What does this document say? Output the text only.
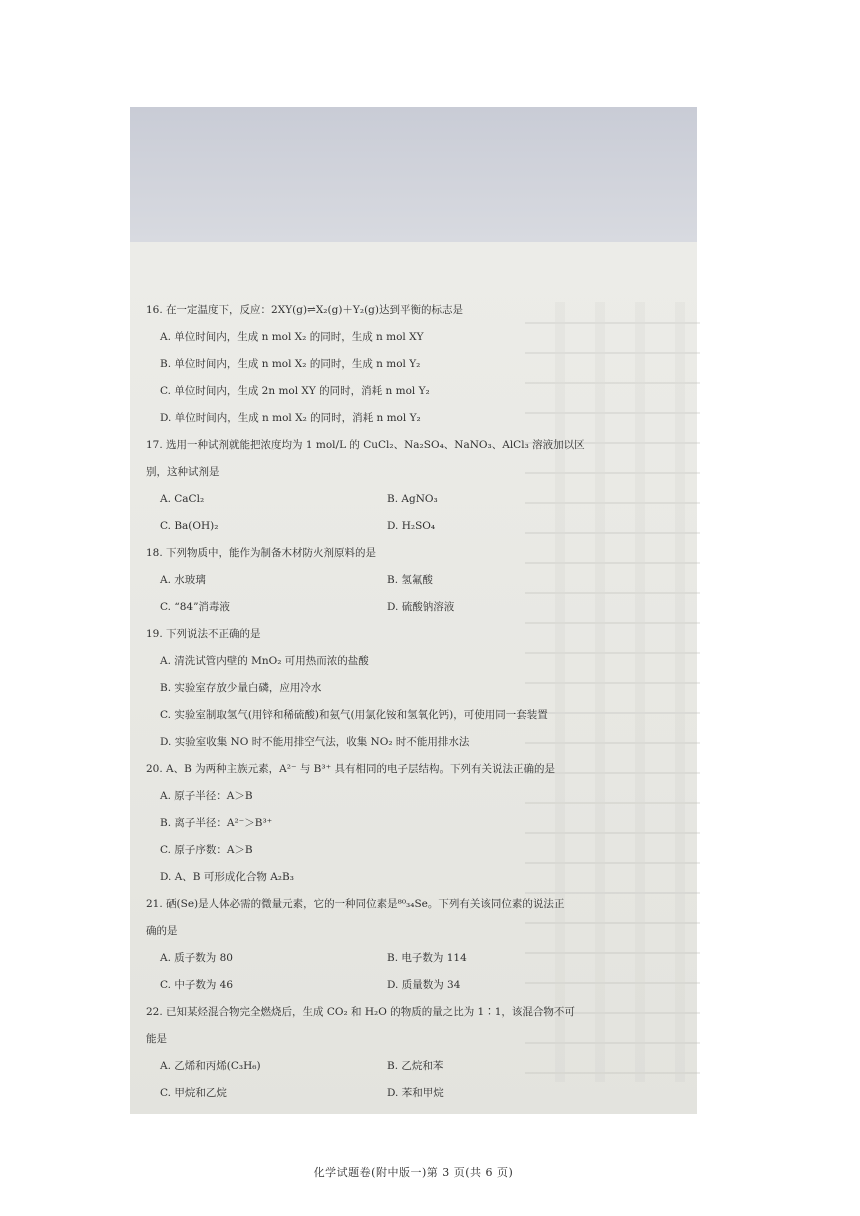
16. 在一定温度下，反应：2XY(g)⇌X₂(g)＋Y₂(g)达到平衡的标志是
A. 单位时间内，生成 n mol X₂ 的同时，生成 n mol XY
B. 单位时间内，生成 n mol X₂ 的同时，生成 n mol Y₂
C. 单位时间内，生成 2n mol XY 的同时，消耗 n mol Y₂
D. 单位时间内，生成 n mol X₂ 的同时，消耗 n mol Y₂
17. 选用一种试剂就能把浓度均为 1 mol/L 的 CuCl₂、Na₂SO₄、NaNO₃、AlCl₃ 溶液加以区
别，这种试剂是
A. CaCl₂	B. AgNO₃
C. Ba(OH)₂	D. H₂SO₄
18. 下列物质中，能作为制备木材防火剂原料的是
A. 水玻璃	B. 氢氟酸
C. “84”消毒液	D. 硫酸钠溶液
19. 下列说法不正确的是
A. 清洗试管内壁的 MnO₂ 可用热而浓的盐酸
B. 实验室存放少量白磷，应用冷水
C. 实验室制取氢气(用锌和稀硫酸)和氨气(用氯化铵和氢氧化钙)，可使用同一套装置
D. 实验室收集 NO 时不能用排空气法，收集 NO₂ 时不能用排水法
20. A、B 为两种主族元素，A²⁻ 与 B³⁺ 具有相同的电子层结构。下列有关说法正确的是
A. 原子半径：A＞B
B. 离子半径：A²⁻＞B³⁺
C. 原子序数：A＞B
D. A、B 可形成化合物 A₂B₃
21. 硒(Se)是人体必需的微量元素，它的一种同位素是⁸⁰₃₄Se。下列有关该同位素的说法正
确的是
A. 质子数为 80	B. 电子数为 114
C. 中子数为 46	D. 质量数为 34
22. 已知某烃混合物完全燃烧后，生成 CO₂ 和 H₂O 的物质的量之比为 1∶1，该混合物不可
能是
A. 乙烯和丙烯(C₃H₆)	B. 乙烷和苯
C. 甲烷和乙烷	D. 苯和甲烷
化学试题卷(附中版一)第 3 页(共 6 页)
